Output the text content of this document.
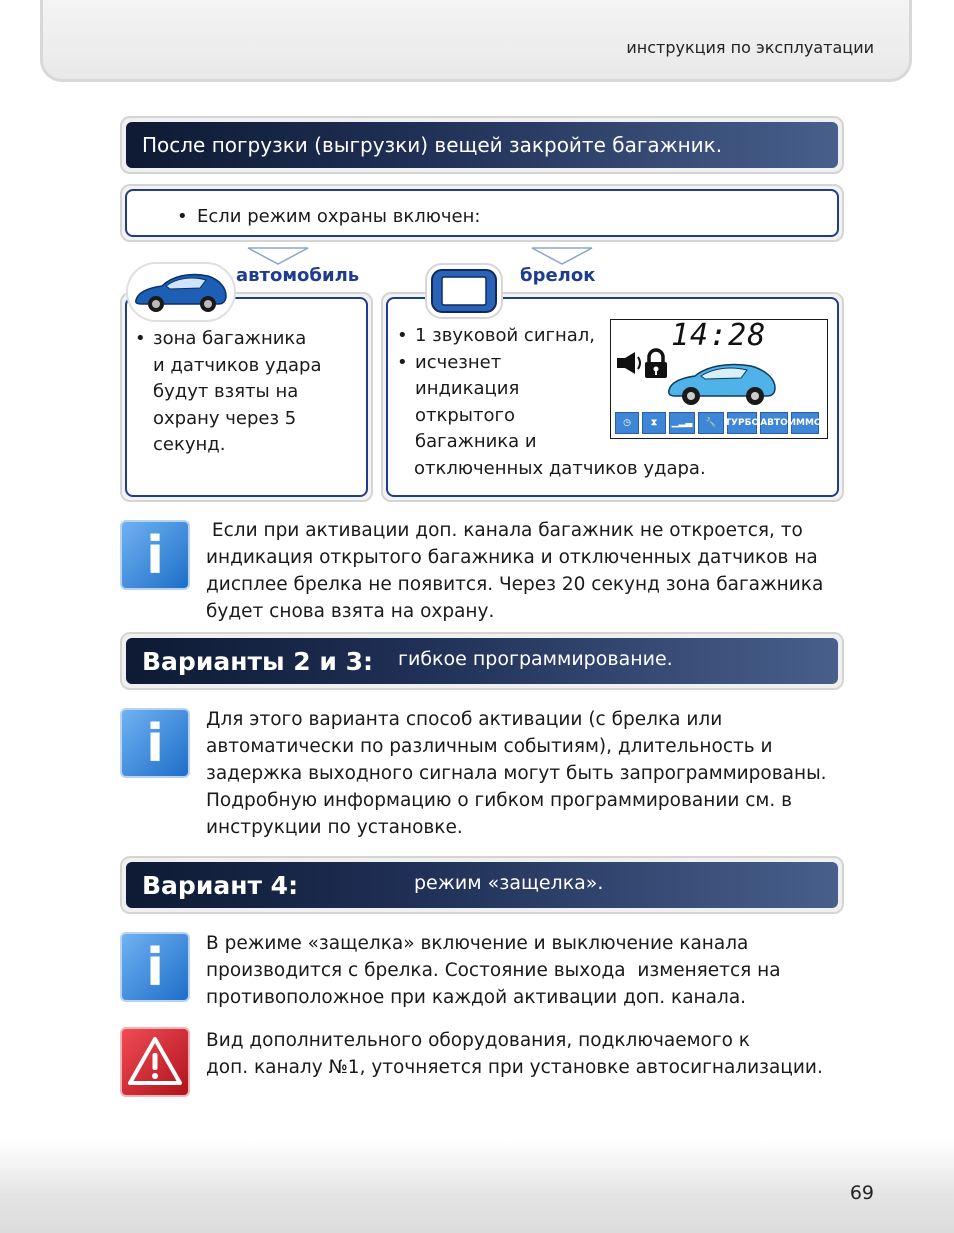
инструкция по эксплуатации
После погрузки (выгрузки) вещей закройте багажник.
• Если режим охраны включен:
автомобиль
• зона багажника
и датчиков удара
будут взяты на
охрану через 5
секунд.
брелок
• 1 звуковой сигнал,
• исчезнет
индикация
открытого
багажника и
отключенных датчиков удара.
14:28
◷	⧗	▁▂▃	🔧 ТУРБО АВТО ИММО
i	Если при активации доп. канала багажник не откроется, то
индикация открытого багажника и отключенных датчиков на
дисплее брелка не появится. Через 20 секунд зона багажника
будет снова взята на охрану.
Варианты 2 и 3: гибкое программирование.
i	Для этого варианта способ активации (с брелка или
автоматически по различным событиям), длительность и
задержка выходного сигнала могут быть запрограммированы.
Подробную информацию о гибком программировании см. в
инструкции по установке.
Вариант 4:	режим «защелка».
i	В режиме «защелка» включение и выключение канала
производится с брелка. Состояние выхода  изменяется на
противоположное при каждой активации доп. канала.
Вид дополнительного оборудования, подключаемого к
доп. каналу №1, уточняется при установке автосигнализации.
69
